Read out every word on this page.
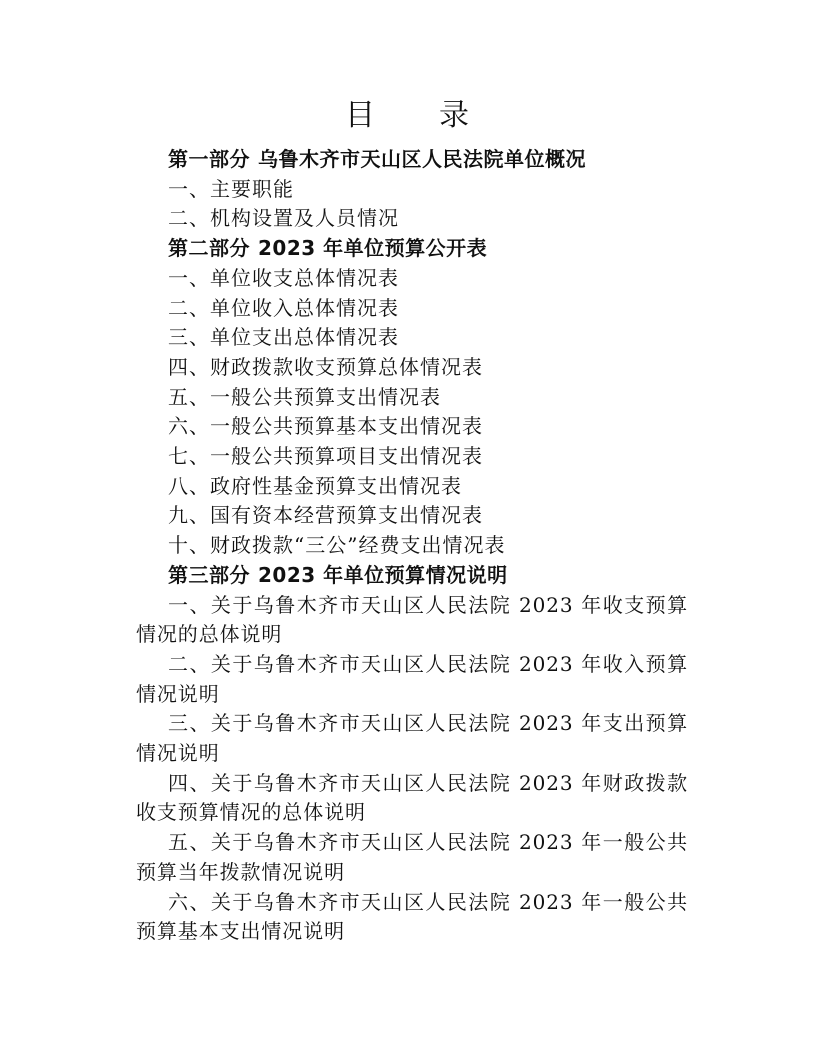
目 录
第一部分 乌鲁木齐市天山区人民法院单位概况
一、主要职能
二、机构设置及人员情况
第二部分 2023 年单位预算公开表
一、单位收支总体情况表
二、单位收入总体情况表
三、单位支出总体情况表
四、财政拨款收支预算总体情况表
五、一般公共预算支出情况表
六、一般公共预算基本支出情况表
七、一般公共预算项目支出情况表
八、政府性基金预算支出情况表
九、国有资本经营预算支出情况表
十、财政拨款“三公”经费支出情况表
第三部分 2023 年单位预算情况说明
一、关于乌鲁木齐市天山区人民法院 2023 年收支预算情况的总体说明
二、关于乌鲁木齐市天山区人民法院 2023 年收入预算情况说明
三、关于乌鲁木齐市天山区人民法院 2023 年支出预算情况说明
四、关于乌鲁木齐市天山区人民法院 2023 年财政拨款收支预算情况的总体说明
五、关于乌鲁木齐市天山区人民法院 2023 年一般公共预算当年拨款情况说明
六、关于乌鲁木齐市天山区人民法院 2023 年一般公共预算基本支出情况说明
